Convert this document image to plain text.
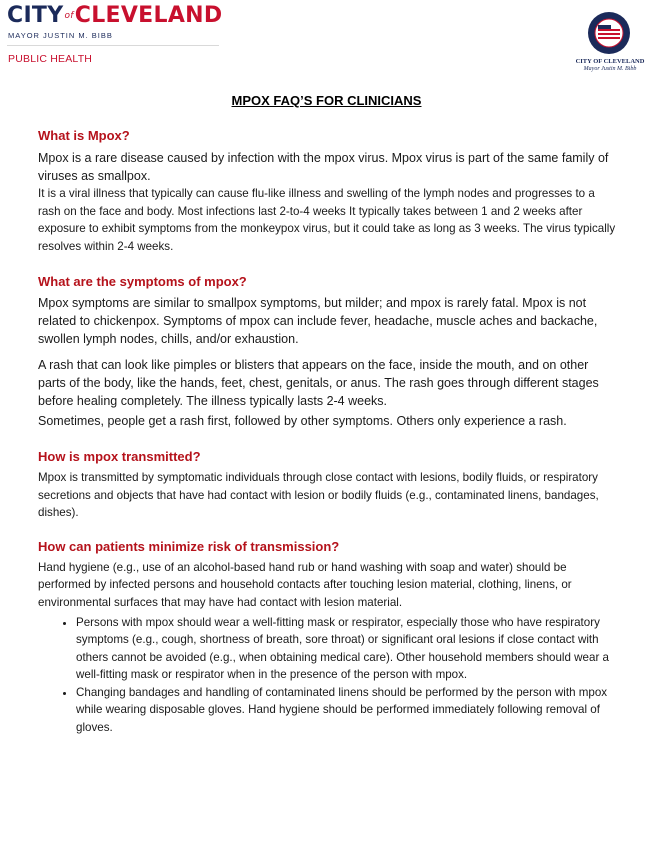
CITYofCLEVELAND
MAYOR JUSTIN M. BIBB
PUBLIC HEALTH	CITY OF CLEVELAND
Mayor Justin M. Bibb
MPOX FAQ’S FOR CLINICIANS
What is Mpox?

Mpox is a rare disease caused by infection with the mpox virus. Mpox virus is part of the same family of viruses as smallpox.

It is a viral illness that typically can cause flu-like illness and swelling of the lymph nodes and progresses to a rash on the face and body. Most infections last 2-to-4 weeks It typically takes between 1 and 2 weeks after exposure to exhibit symptoms from the monkeypox virus, but it could take as long as 3 weeks. The virus typically resolves within 2-4 weeks.

What are the symptoms of mpox?

Mpox symptoms are similar to smallpox symptoms, but milder; and mpox is rarely fatal. Mpox is not related to chickenpox. Symptoms of mpox can include fever, headache, muscle aches and backache, swollen lymph nodes, chills, and/or exhaustion.

A rash that can look like pimples or blisters that appears on the face, inside the mouth, and on other parts of the body, like the hands, feet, chest, genitals, or anus. The rash goes through different stages before healing completely. The illness typically lasts 2-4 weeks.

Sometimes, people get a rash first, followed by other symptoms. Others only experience a rash.

How is mpox transmitted?

Mpox is transmitted by symptomatic individuals through close contact with lesions, bodily fluids, or respiratory secretions and objects that have had contact with lesion or bodily fluids (e.g., contaminated linens, bandages, dishes).

How can patients minimize risk of transmission?

Hand hygiene (e.g., use of an alcohol-based hand rub or hand washing with soap and water) should be performed by infected persons and household contacts after touching lesion material, clothing, linens, or environmental surfaces that may have had contact with lesion material.

• Persons with mpox should wear a well-fitting mask or respirator, especially those who have respiratory symptoms (e.g., cough, shortness of breath, sore throat) or significant oral lesions if close contact with others cannot be avoided (e.g., when obtaining medical care). Other household members should wear a well-fitting mask or respirator when in the presence of the person with mpox.
• Changing bandages and handling of contaminated linens should be performed by the person with mpox while wearing disposable gloves. Hand hygiene should be performed immediately following removal of gloves.
